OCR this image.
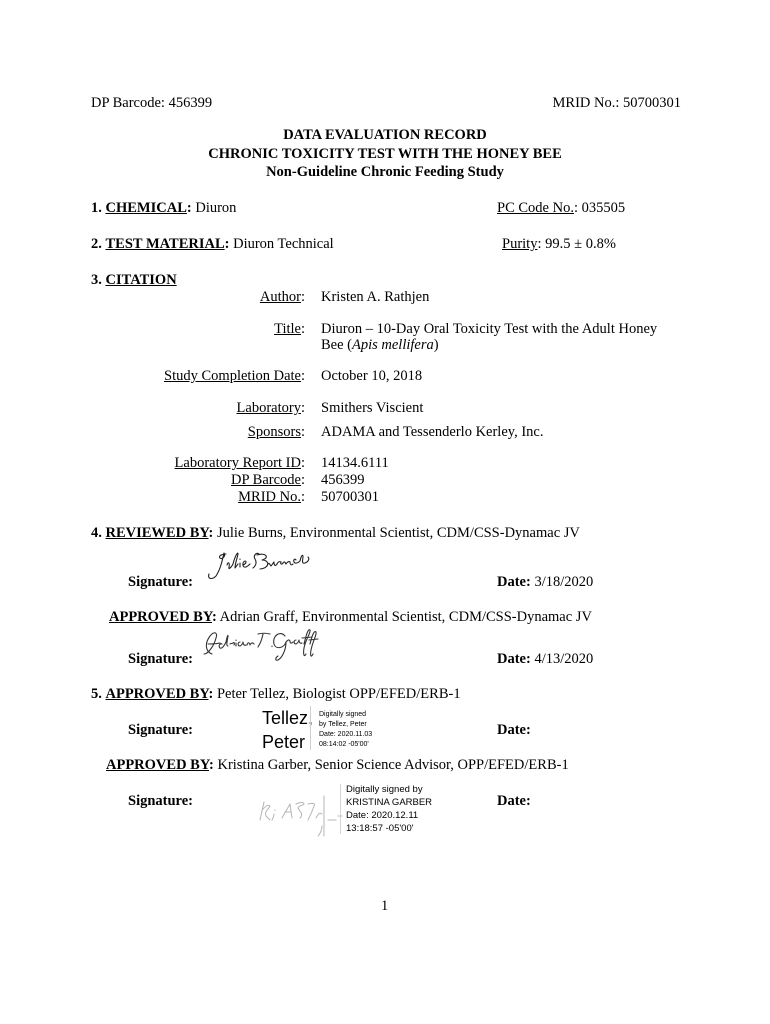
DP Barcode: 456399	MRID No.: 50700301
DATA EVALUATION RECORD
CHRONIC TOXICITY TEST WITH THE HONEY BEE
Non-Guideline Chronic Feeding Study
1. CHEMICAL: Diuron	PC Code No.: 035505
2. TEST MATERIAL: Diuron Technical	Purity: 99.5 ± 0.8%
3. CITATION
Author: Kristen A. Rathjen
Title: Diuron – 10-Day Oral Toxicity Test with the Adult Honey
Bee (Apis mellifera)
Study Completion Date: October 10, 2018
Laboratory: Smithers Viscient
Sponsors: ADAMA and Tessenderlo Kerley, Inc.
Laboratory Report ID: 14134.6111
DP Barcode: 456399
MRID No.: 50700301
4. REVIEWED BY: Julie Burns, Environmental Scientist, CDM/CSS-Dynamac JV
Signature:	Date: 3/18/2020
APPROVED BY: Adrian Graff, Environmental Scientist, CDM/CSS-Dynamac JV
Signature:	Date: 4/13/2020
5. APPROVED BY: Peter Tellez, Biologist OPP/EFED/ERB-1
Signature:
Tellez,
Peter
Digitally signed
by Tellez, Peter
Date: 2020.11.03
08:14:02 -05'00'
Date:
APPROVED BY: Kristina Garber, Senior Science Advisor, OPP/EFED/ERB-1
Signature:
Digitally signed by
KRISTINA GARBER
Date: 2020.12.11
13:18:57 -05'00'
Date:
1
